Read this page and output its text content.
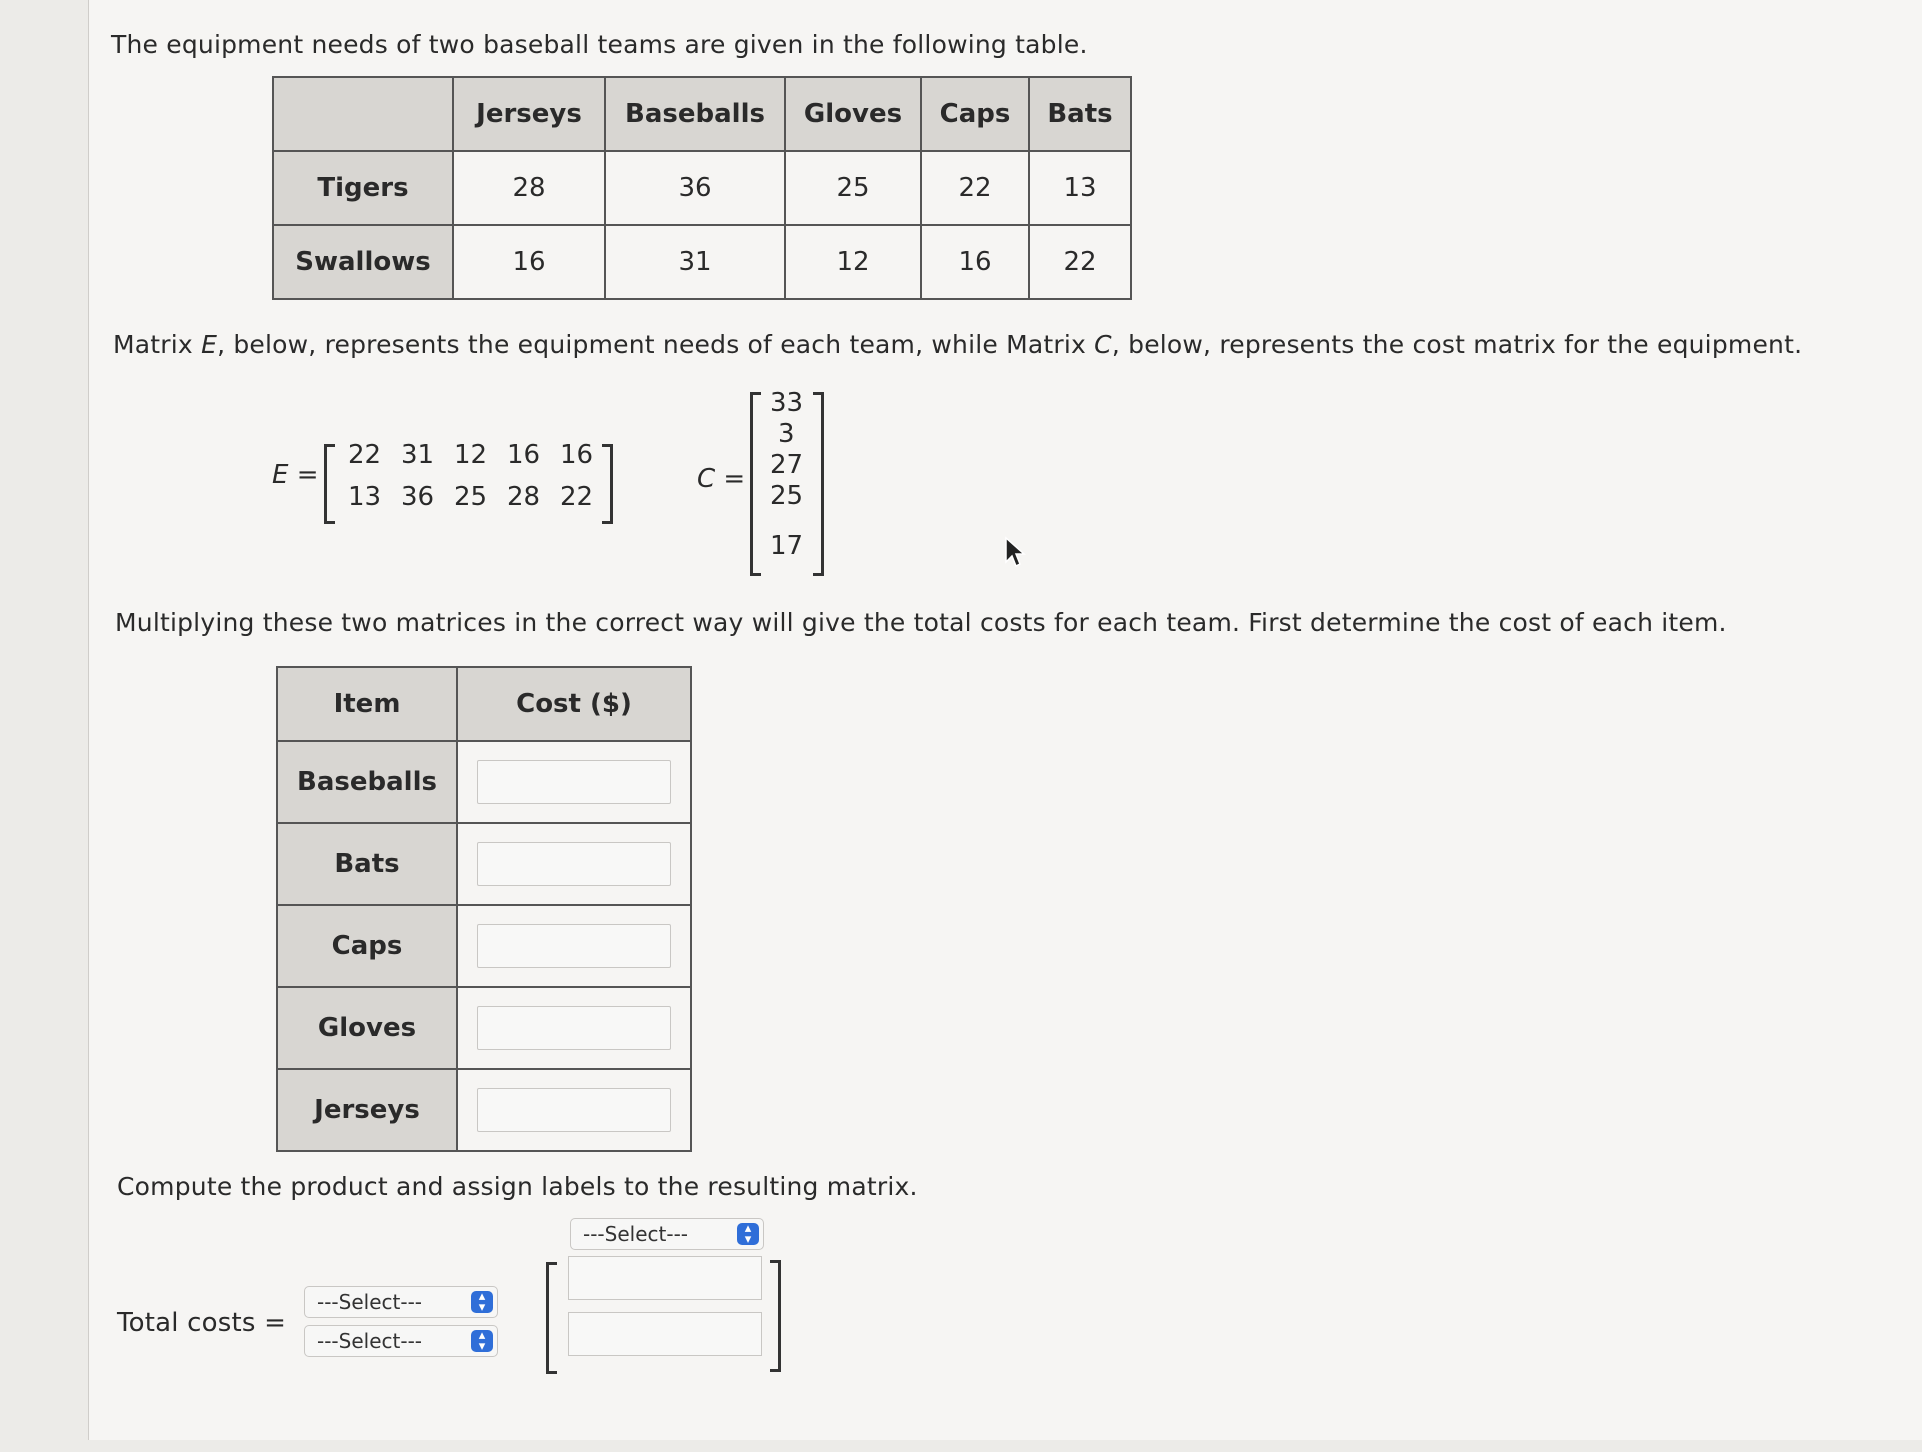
The equipment needs of two baseball teams are given in the following table.
	Jerseys	Baseballs	Gloves	Caps	Bats
Tigers	28	36	25	22	13
Swallows	16	31	12	16	22
Matrix E, below, represents the equipment needs of each team, while Matrix C, below, represents the cost matrix for the equipment.
E =
22 31 12 16 16
13 36 25 28 22
C =
33
3
27
25
17
Multiplying these two matrices in the correct way will give the total costs for each team. First determine the cost of each item.
Item	Cost ($)
Baseballs	

Bats	

Caps	

Gloves	

Jerseys	
Compute the product and assign labels to the resulting matrix.
---Select---	▴
▾
Total costs =
---Select---	▴
▾
---Select---	▴
▾
